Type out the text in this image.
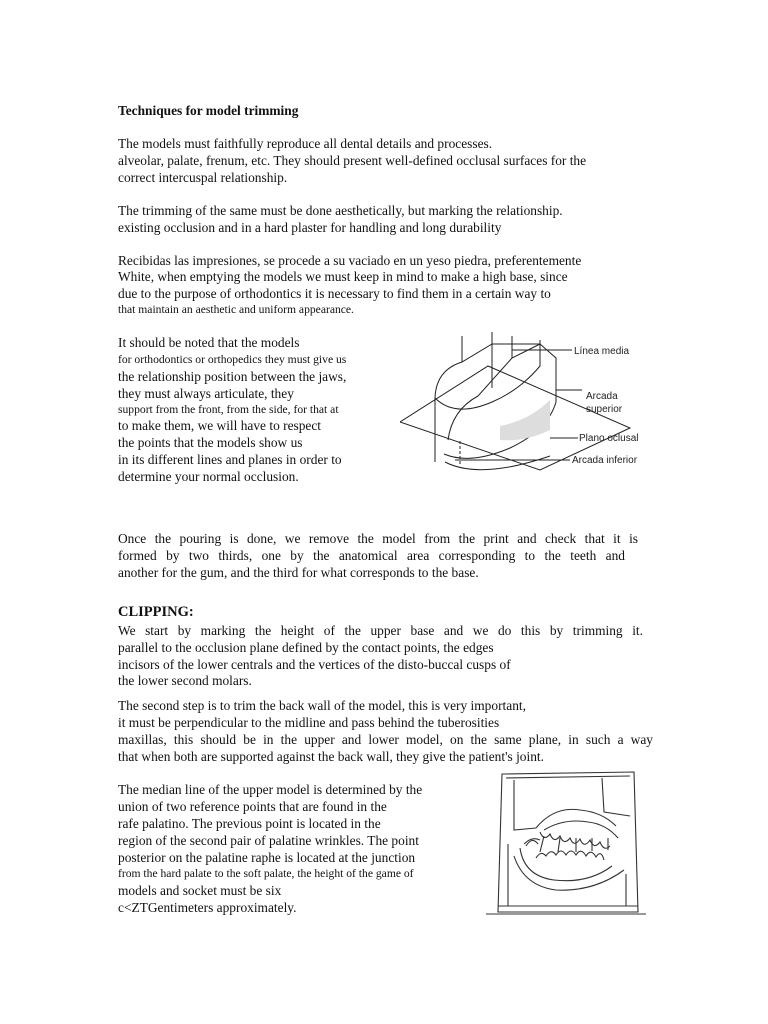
Techniques for model trimming
The models must faithfully reproduce all dental details and processes.
alveolar, palate, frenum, etc. They should present well-defined occlusal surfaces for the
correct intercuspal relationship.
The trimming of the same must be done aesthetically, but marking the relationship.
existing occlusion and in a hard plaster for handling and long durability
Recibidas las impresiones, se procede a su vaciado en un yeso piedra, preferentemente
White, when emptying the models we must keep in mind to make a high base, since
due to the purpose of orthodontics it is necessary to find them in a certain way to
that maintain an aesthetic and uniform appearance.
It should be noted that the models
for orthodontics or orthopedics they must give us
the relationship position between the jaws,
they must always articulate, they
support from the front, from the side, for that at
to make them, we will have to respect
the points that the models show us
in its different lines and planes in order to
determine your normal occlusion.
Línea media
Arcada
superior
Plano oclusal
Arcada inferior
Once the pouring is done, we remove the model from the print and check that it is
formed by two thirds, one by the anatomical area corresponding to the teeth and
another for the gum, and the third for what corresponds to the base.
CLIPPING:
We start by marking the height of the upper base and we do this by trimming it.
parallel to the occlusion plane defined by the contact points, the edges
incisors of the lower centrals and the vertices of the disto-buccal cusps of
the lower second molars.
The second step is to trim the back wall of the model, this is very important,
it must be perpendicular to the midline and pass behind the tuberosities
maxillas, this should be in the upper and lower model, on the same plane, in such a way
that when both are supported against the back wall, they give the patient's joint.
The median line of the upper model is determined by the
union of two reference points that are found in the
rafe palatino. The previous point is located in the
region of the second pair of palatine wrinkles. The point
posterior on the palatine raphe is located at the junction
from the hard palate to the soft palate, the height of the game of
models and socket must be six
c<ZTGentimeters approximately.
